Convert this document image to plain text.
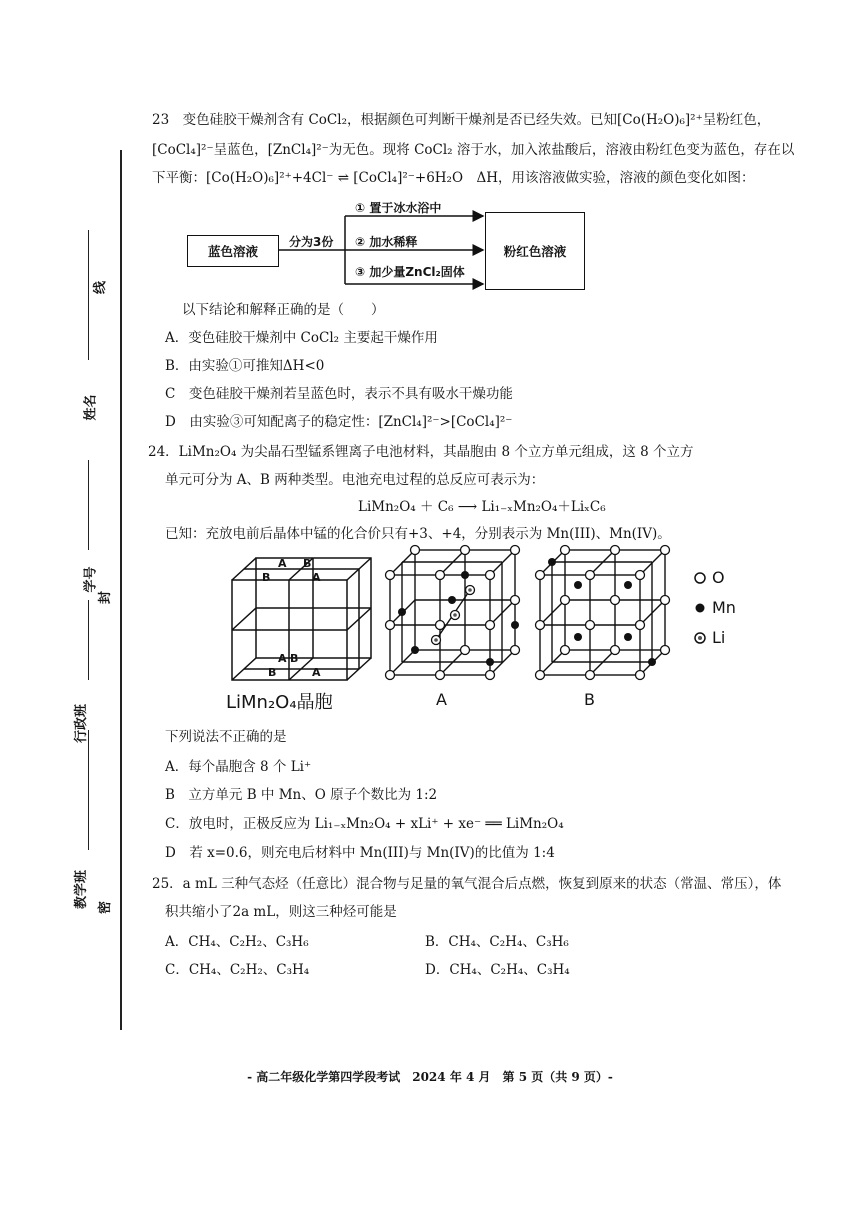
线
姓名
学号
封
行政班
教学班 密
23　变色硅胶干燥剂含有 CoCl₂，根据颜色可判断干燥剂是否已经失效。已知[Co(H₂O)₆]²⁺呈粉红色，
[CoCl₄]²⁻呈蓝色，[ZnCl₄]²⁻为无色。现将 CoCl₂ 溶于水，加入浓盐酸后，溶液由粉红色变为蓝色，存在以
下平衡：[Co(H₂O)₆]²⁺+4Cl⁻ ⇌ [CoCl₄]²⁻+6H₂O　ΔH，用该溶液做实验，溶液的颜色变化如图：
蓝色溶液
分为3份
① 置于冰水浴中
② 加水稀释
③ 加少量ZnCl₂固体
粉红色溶液
以下结论和解释正确的是（　　）
A．变色硅胶干燥剂中 CoCl₂ 主要起干燥作用
B．由实验①可推知ΔH<0
C　变色硅胶干燥剂若呈蓝色时，表示不具有吸水干燥功能
D　由实验③可知配离子的稳定性：[ZnCl₄]²⁻>[CoCl₄]²⁻
24．LiMn₂O₄ 为尖晶石型锰系锂离子电池材料，其晶胞由 8 个立方单元组成，这 8 个立方
单元可分为 A、B 两种类型。电池充电过程的总反应可表示为：
LiMn₂O₄ ＋ C₆ ⟶ Li₁₋ₓMn₂O₄＋LiₓC₆
已知：充放电前后晶体中锰的化合价只有+3、+4，分别表示为 Mn(III)、Mn(IV)。
A
B
B
A
A
B
B
A
LiMn₂O₄晶胞	A	B
O
Mn
Li
下列说法不正确的是
A．每个晶胞含 8 个 Li⁺
B　立方单元 B 中 Mn、O 原子个数比为 1:2
C．放电时，正极反应为 Li₁₋ₓMn₂O₄ + xLi⁺ + xe⁻ ══ LiMn₂O₄
D　若 x=0.6，则充电后材料中 Mn(III)与 Mn(IV)的比值为 1:4
25．a mL 三种气态烃（任意比）混合物与足量的氧气混合后点燃，恢复到原来的状态（常温、常压），体
积共缩小了2a mL，则这三种烃可能是
A．CH₄、C₂H₂、C₃H₆	B．CH₄、C₂H₄、C₃H₆
C．CH₄、C₂H₂、C₃H₄	D．CH₄、C₂H₄、C₃H₄
- 高二年级化学第四学段考试　2024 年 4 月　第 5 页（共 9 页）-
